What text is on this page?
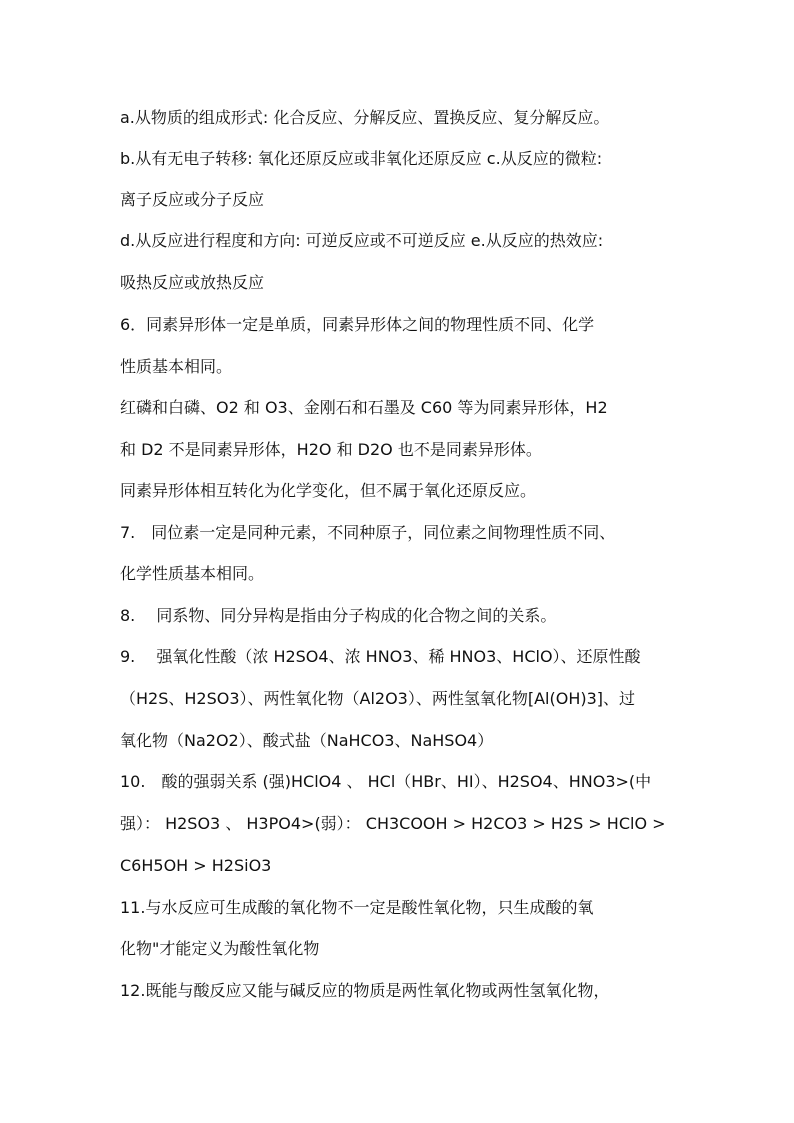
a.从物质的组成形式: 化合反应、分解反应、置换反应、复分解反应。
b.从有无电子转移: 氧化还原反应或非氧化还原反应 c.从反应的微粒:
离子反应或分子反应
d.从反应进行程度和方向: 可逆反应或不可逆反应 e.从反应的热效应:
吸热反应或放热反应
6．同素异形体一定是单质，同素异形体之间的物理性质不同、化学
性质基本相同。
红磷和白磷、O2 和 O3、金刚石和石墨及 C60 等为同素异形体，H2
和 D2 不是同素异形体，H2O 和 D2O 也不是同素异形体。
同素异形体相互转化为化学变化，但不属于氧化还原反应。
7.　同位素一定是同种元素，不同种原子，同位素之间物理性质不同、
化学性质基本相同。
8.　 同系物、同分异构是指由分子构成的化合物之间的关系。
9.　 强氧化性酸（浓 H2SO4、浓 HNO3、稀 HNO3、HClO）、还原性酸
（H2S、H2SO3）、两性氧化物（Al2O3）、两性氢氧化物[Al(OH)3]、过
氧化物（Na2O2）、酸式盐（NaHCO3、NaHSO4）
10.　酸的强弱关系 (强)HClO4 、 HCl（HBr、HI）、H2SO4、HNO3>(中
强）： H2SO3 、 H3PO4>(弱）： CH3COOH > H2CO3 > H2S > HClO >
C6H5OH > H2SiO3
11.与水反应可生成酸的氧化物不一定是酸性氧化物，只生成酸的氧
化物"才能定义为酸性氧化物
12.既能与酸反应又能与碱反应的物质是两性氧化物或两性氢氧化物，
